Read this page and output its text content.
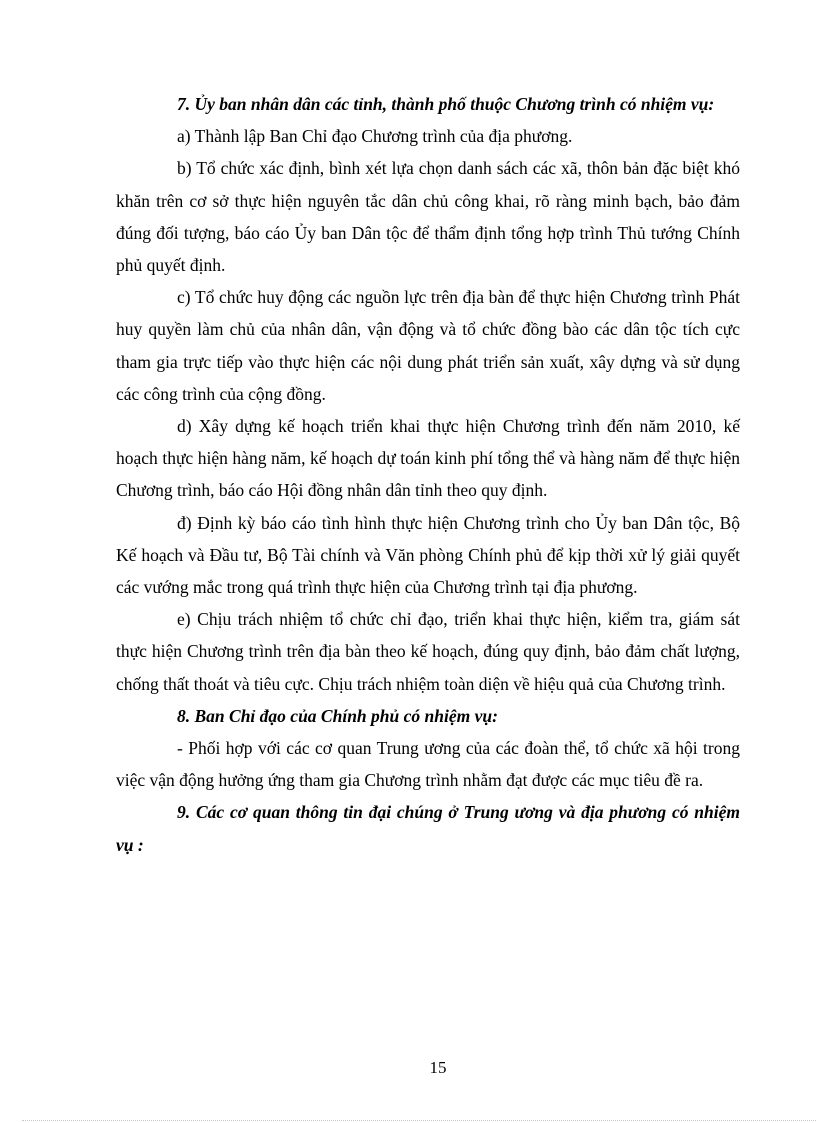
7. Ủy ban nhân dân các tỉnh, thành phố thuộc Chương trình có nhiệm vụ:

a) Thành lập Ban Chỉ đạo Chương trình của địa phương.

b) Tổ chức xác định, bình xét lựa chọn danh sách các xã, thôn bản đặc biệt khó khăn trên cơ sở thực hiện nguyên tắc dân chủ công khai, rõ ràng minh bạch, bảo đảm đúng đối tượng, báo cáo Ủy ban Dân tộc để thẩm định tổng hợp trình Thủ tướng Chính phủ quyết định.

c) Tổ chức huy động các nguồn lực trên địa bàn để thực hiện Chương trình Phát huy quyền làm chủ của nhân dân, vận động và tổ chức đồng bào các dân tộc tích cực tham gia trực tiếp vào thực hiện các nội dung phát triển sản xuất, xây dựng và sử dụng các công trình của cộng đồng.

d) Xây dựng kế hoạch triển khai thực hiện Chương trình đến năm 2010, kế hoạch thực hiện hàng năm, kế hoạch dự toán kinh phí tổng thể và hàng năm để thực hiện Chương trình, báo cáo Hội đồng nhân dân tỉnh theo quy định.

đ) Định kỳ báo cáo tình hình thực hiện Chương trình cho Ủy ban Dân tộc, Bộ Kế hoạch và Đầu tư, Bộ Tài chính và Văn phòng Chính phủ để kịp thời xử lý giải quyết các vướng mắc trong quá trình thực hiện của Chương trình tại địa phương.

e) Chịu trách nhiệm tổ chức chỉ đạo, triển khai thực hiện, kiểm tra, giám sát thực hiện Chương trình trên địa bàn theo kế hoạch, đúng quy định, bảo đảm chất lượng, chống thất thoát và tiêu cực. Chịu trách nhiệm toàn diện về hiệu quả của Chương trình.

8. Ban Chỉ đạo của Chính phủ có nhiệm vụ:

- Phối hợp với các cơ quan Trung ương của các đoàn thể, tổ chức xã hội trong việc vận động hưởng ứng tham gia Chương trình nhằm đạt được các mục tiêu đề ra.

9. Các cơ quan thông tin đại chúng ở Trung ương và địa phương có nhiệm vụ :

15
